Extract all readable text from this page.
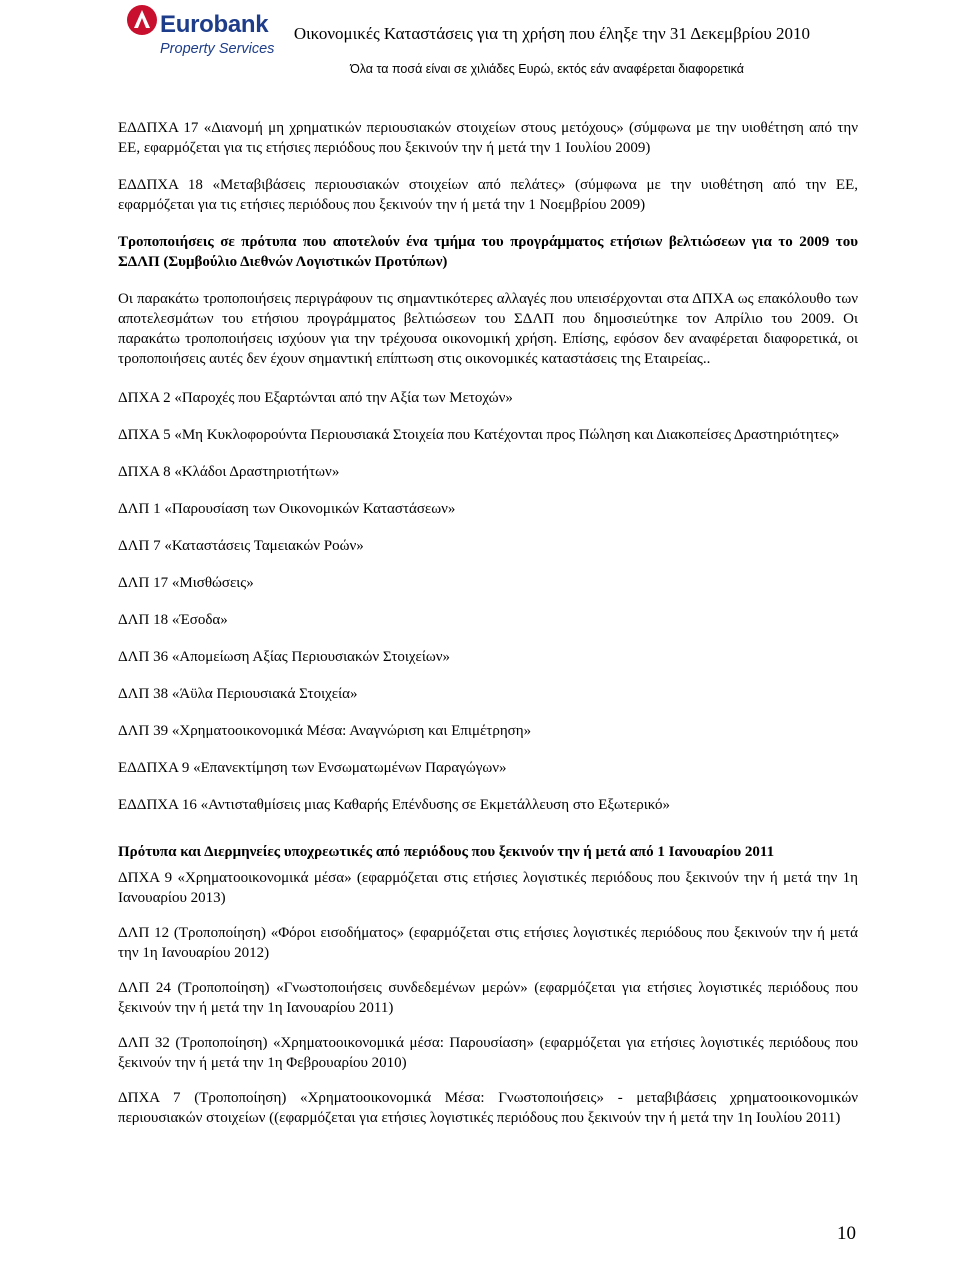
Eurobank
Property Services
Οικονομικές Καταστάσεις για τη χρήση που έληξε την 31 Δεκεμβρίου 2010
Όλα τα ποσά είναι σε χιλιάδες Ευρώ, εκτός εάν αναφέρεται διαφορετικά

ΕΔΔΠΧΑ 17 «Διανομή μη χρηματικών περιουσιακών στοιχείων στους μετόχους» (σύμφωνα με την υιοθέτηση από την ΕΕ, εφαρμόζεται για τις ετήσιες περιόδους που ξεκινούν την ή μετά την 1 Ιουλίου 2009)

ΕΔΔΠΧΑ 18 «Μεταβιβάσεις περιουσιακών στοιχείων από πελάτες» (σύμφωνα με την υιοθέτηση από την ΕΕ, εφαρμόζεται για τις ετήσιες περιόδους που ξεκινούν την ή μετά την 1 Νοεμβρίου 2009)

Τροποποιήσεις σε πρότυπα που αποτελούν ένα τμήμα του προγράμματος ετήσιων βελτιώσεων για το 2009 του ΣΔΛΠ (Συμβούλιο Διεθνών Λογιστικών Προτύπων)

Οι παρακάτω τροποποιήσεις περιγράφουν τις σημαντικότερες αλλαγές που υπεισέρχονται στα ΔΠΧΑ ως επακόλουθο των αποτελεσμάτων του ετήσιου προγράμματος βελτιώσεων του ΣΔΛΠ που δημοσιεύτηκε τον Απρίλιο του 2009. Οι παρακάτω τροποποιήσεις ισχύουν για την τρέχουσα οικονομική χρήση. Επίσης, εφόσον δεν αναφέρεται διαφορετικά, οι τροποποιήσεις αυτές δεν έχουν σημαντική επίπτωση στις οικονομικές καταστάσεις της Εταιρείας..

ΔΠΧΑ 2 «Παροχές που Εξαρτώνται από την Αξία των Μετοχών»

ΔΠΧΑ 5 «Μη Κυκλοφορούντα Περιουσιακά Στοιχεία που Κατέχονται προς Πώληση και Διακοπείσες Δραστηριότητες»

ΔΠΧΑ 8 «Κλάδοι Δραστηριοτήτων»

ΔΛΠ 1 «Παρουσίαση των Οικονομικών Καταστάσεων»

ΔΛΠ 7 «Καταστάσεις Ταμειακών Ροών»

ΔΛΠ 17 «Μισθώσεις»

ΔΛΠ 18 «Έσοδα»

ΔΛΠ 36 «Απομείωση Αξίας Περιουσιακών Στοιχείων»

ΔΛΠ 38 «Άϋλα Περιουσιακά Στοιχεία»

ΔΛΠ 39 «Χρηματοοικονομικά Μέσα: Αναγνώριση και Επιμέτρηση»

ΕΔΔΠΧΑ 9 «Επανεκτίμηση των Ενσωματωμένων Παραγώγων»

ΕΔΔΠΧΑ 16 «Αντισταθμίσεις μιας Καθαρής Επένδυσης σε Εκμετάλλευση στο Εξωτερικό»

Πρότυπα και Διερμηνείες υποχρεωτικές από περιόδους που ξεκινούν την ή μετά από 1 Ιανουαρίου 2011

ΔΠΧΑ 9 «Χρηματοοικονομικά μέσα» (εφαρμόζεται στις ετήσιες λογιστικές περιόδους που ξεκινούν την ή μετά την 1η Ιανουαρίου 2013)

ΔΛΠ 12 (Τροποποίηση) «Φόροι εισοδήματος» (εφαρμόζεται στις ετήσιες λογιστικές περιόδους που ξεκινούν την ή μετά την 1η Ιανουαρίου 2012)

ΔΛΠ 24 (Τροποποίηση) «Γνωστοποιήσεις συνδεδεμένων μερών» (εφαρμόζεται για ετήσιες λογιστικές περιόδους που ξεκινούν την ή μετά την 1η Ιανουαρίου 2011)

ΔΛΠ 32 (Τροποποίηση) «Χρηματοοικονομικά μέσα: Παρουσίαση» (εφαρμόζεται για ετήσιες λογιστικές περιόδους που ξεκινούν την ή μετά την 1η Φεβρουαρίου 2010)

ΔΠΧΑ 7 (Τροποποίηση) «Χρηματοοικονομικά Μέσα: Γνωστοποιήσεις» - μεταβιβάσεις χρηματοοικονομικών περιουσιακών στοιχείων ((εφαρμόζεται για ετήσιες λογιστικές περιόδους που ξεκινούν την ή μετά την 1η Ιουλίου 2011)

10
